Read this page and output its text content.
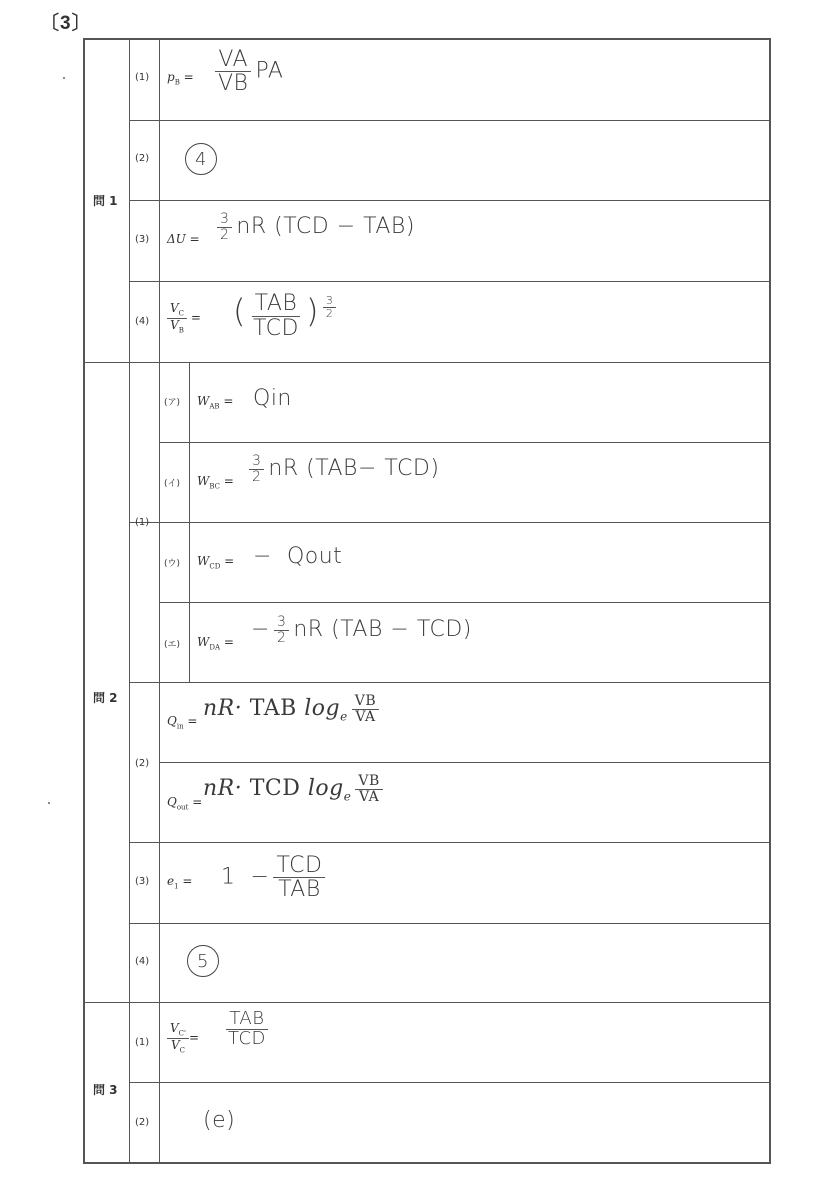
〔3〕
問 1
問 2
問 3
(1) $p_B = \frac{VA}{VB}$ PA
(2)	4
(3) $\Delta U = \frac{3}{2}$ nR (TCD − TAB)
$(4) \frac{V_C}{V_B}$ = ( $\frac{\text{TAB}}{\text{TCD}}$ ) $\frac{3}{2}$
(1)
(ア) $W_{AB}$ = Qin
(イ) $W_{BC} = \frac{3}{2}$ nR (TAB− TCD)
(ウ) $W_{CD}$ = − Qout
(エ) $W_{DA}$ = − $\frac{3}{2}$ nR (TAB − TCD)
(2)
$Q_{in} = nR\cdot$ TAB $\log_e \frac{VB}{VA}$
$Q_{out}$ =
nR· TCD $\log_e \frac{VB}{VA}$
(3) $e_1 = 1 - \frac{\text{TCD}}{\text{TAB}}$
(4)	5
$(1) \frac{V_{C'}}{V_C} = \frac{\text{TAB}}{\text{TCD}}$
(2) (e)
